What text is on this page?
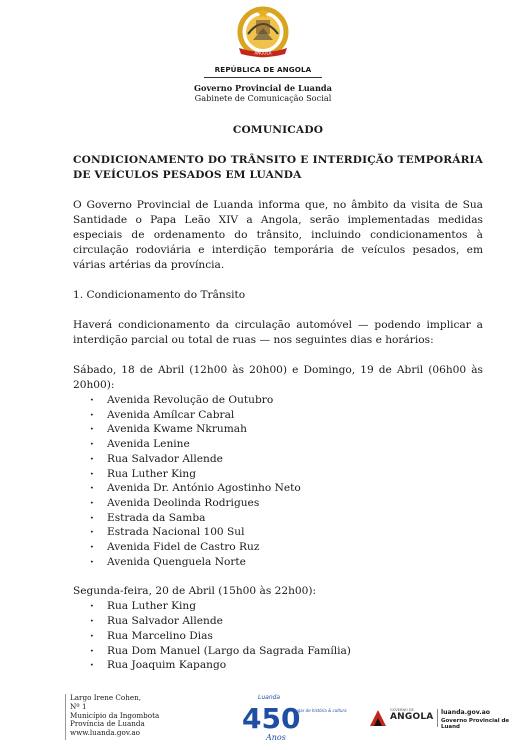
ANGOLA
REPÚBLICA DE ANGOLA
Governo Provincial de Luanda
Gabinete de Comunicação Social
COMUNICADO
CONDICIONAMENTO DO TRÂNSITO E INTERDIÇÃO TEMPORÁRIA DE VEÍCULOS PESADOS EM LUANDA
O Governo Provincial de Luanda informa que, no âmbito da visita de Sua Santidade o Papa Leão XIV a Angola, serão implementadas medidas especiais de ordenamento do trânsito, incluindo condicionamentos à circulação rodoviária e interdição temporária de veículos pesados, em várias artérias da província.
1. Condicionamento do Trânsito
Haverá condicionamento da circulação automóvel — podendo implicar a interdição parcial ou total de ruas — nos seguintes dias e horários:
Sábado, 18 de Abril (12h00 às 20h00) e Domingo, 19 de Abril (06h00 às 20h00):
· Avenida Revolução de Outubro
· Avenida Amílcar Cabral
· Avenida Kwame Nkrumah
· Avenida Lenine
· Rua Salvador Allende
· Rua Luther King
· Avenida Dr. António Agostinho Neto
· Avenida Deolinda Rodrigues
· Estrada da Samba
· Estrada Nacional 100 Sul
· Avenida Fidel de Castro Ruz
· Avenida Quenguela Norte
Segunda-feira, 20 de Abril (15h00 às 22h00):
· Rua Luther King
· Rua Salvador Allende
· Rua Marcelino Dias
· Rua Dom Manuel (Largo da Sagrada Família)
· Rua Joaquim Kapango
Largo Irene Cohen,
Nº 1
Município da Ingombota
Província de Luanda
www.luanda.gov.ao
Luanda
450
Um lugar de história & cultura
Anos
GOVERNO DE
ANGOLA luanda.gov.ao
Governo Provincial de Luand
